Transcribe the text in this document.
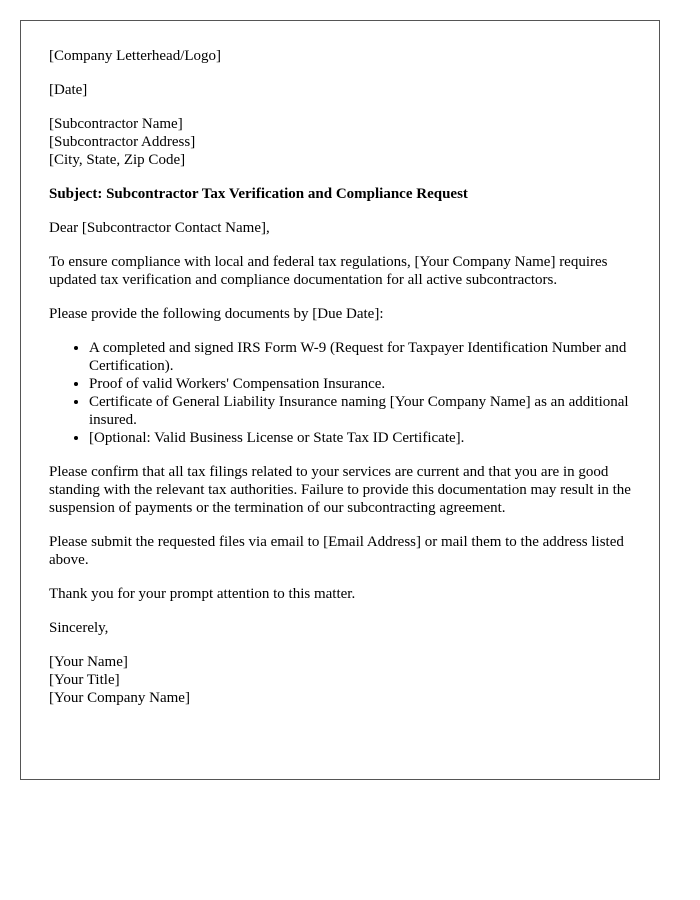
[Company Letterhead/Logo]
[Date]
[Subcontractor Name]
[Subcontractor Address]
[City, State, Zip Code]
Subject: Subcontractor Tax Verification and Compliance Request
Dear [Subcontractor Contact Name],
To ensure compliance with local and federal tax regulations, [Your Company Name] requires updated tax verification and compliance documentation for all active subcontractors.
Please provide the following documents by [Due Date]:
• A completed and signed IRS Form W-9 (Request for Taxpayer Identification Number and Certification).
• Proof of valid Workers' Compensation Insurance.
• Certificate of General Liability Insurance naming [Your Company Name] as an additional insured.
• [Optional: Valid Business License or State Tax ID Certificate].
Please confirm that all tax filings related to your services are current and that you are in good standing with the relevant tax authorities. Failure to provide this documentation may result in the suspension of payments or the termination of our subcontracting agreement.
Please submit the requested files via email to [Email Address] or mail them to the address listed above.
Thank you for your prompt attention to this matter.
Sincerely,
[Your Name]
[Your Title]
[Your Company Name]
